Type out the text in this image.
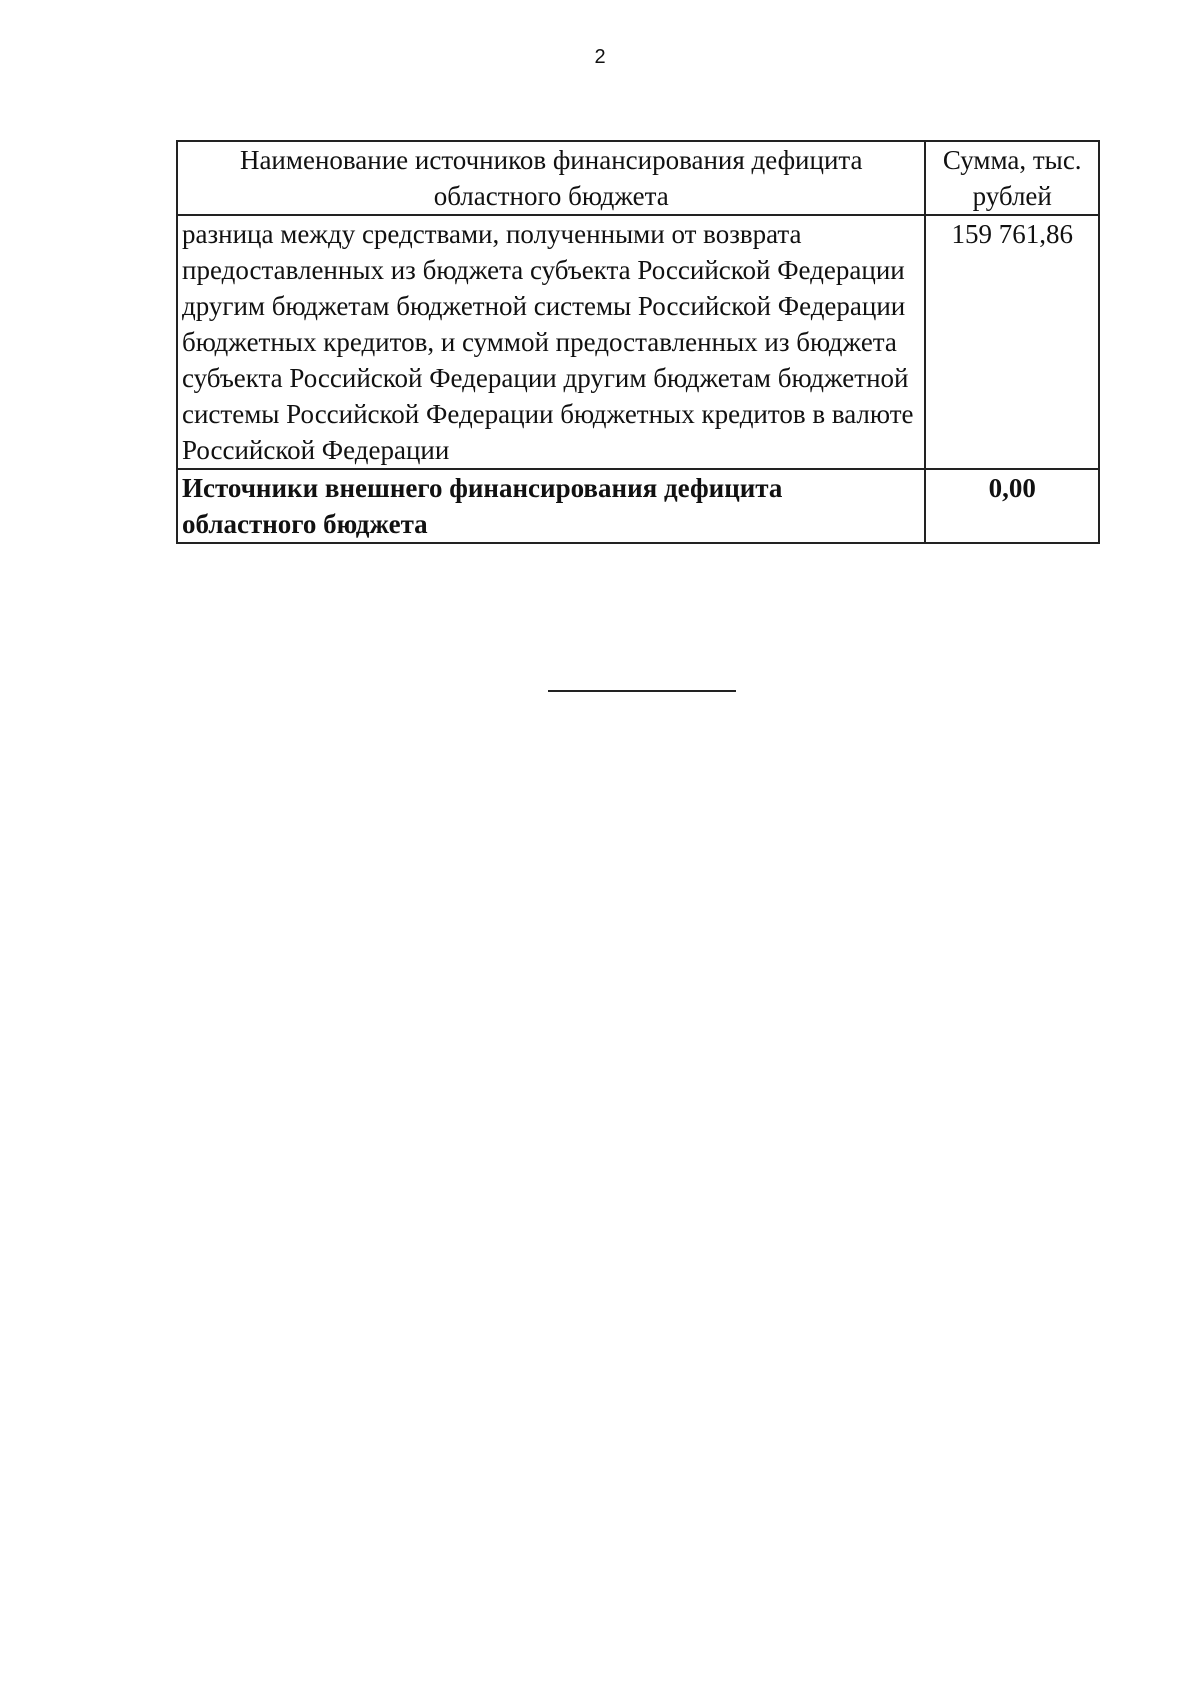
2
Наименование источников финансирования дефицита областного бюджета	Сумма, тыс. рублей
разница между средствами, полученными от возврата предоставленных из бюджета субъекта Российской Федерации другим бюджетам бюджетной системы Российской Федерации бюджетных кредитов, и суммой предоставленных из бюджета субъекта Российской Федерации другим бюджетам бюджетной системы Российской Федерации бюджетных кредитов в валюте Российской Федерации	159 761,86
Источники внешнего финансирования дефицита областного бюджета	0,00
